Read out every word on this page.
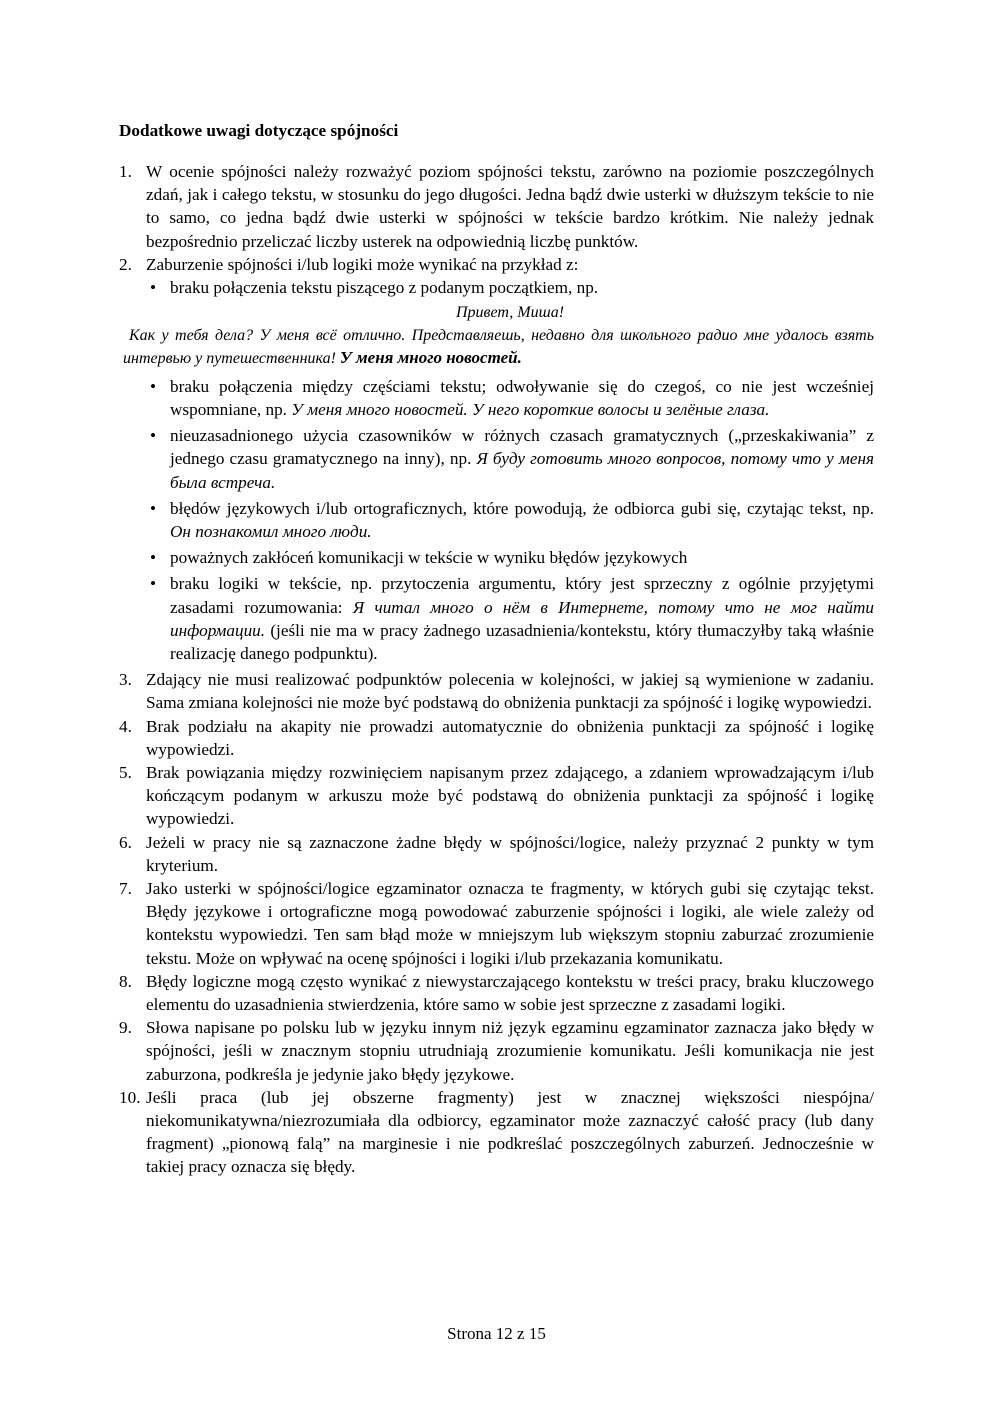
Dodatkowe uwagi dotyczące spójności
1. W ocenie spójności należy rozważyć poziom spójności tekstu, zarówno na poziomie poszczególnych zdań, jak i całego tekstu, w stosunku do jego długości. Jedna bądź dwie usterki w dłuższym tekście to nie to samo, co jedna bądź dwie usterki w spójności w tekście bardzo krótkim. Nie należy jednak bezpośrednio przeliczać liczby usterek na odpowiednią liczbę punktów.
2. Zaburzenie spójności i/lub logiki może wynikać na przykład z:
• braku połączenia tekstu piszącego z podanym początkiem, np.
Привет, Миша!
Как у тебя дела? У меня всё отлично. Представляешь, недавно для школьного радио мне удалось взять интервью у путешественника! У меня много новостей.
• braku połączenia między częściami tekstu; odwoływanie się do czegoś, co nie jest wcześniej wspomniane, np. У меня много новостей. У него короткие волосы и зелёные глаза.
• nieuzasadnionego użycia czasowników w różnych czasach gramatycznych („przeskakiwania” z jednego czasu gramatycznego na inny), np. Я буду готовить много вопросов, потому что у меня была встреча.
• błędów językowych i/lub ortograficznych, które powodują, że odbiorca gubi się, czytając tekst, np. Он познакомил много люди.
• poważnych zakłóceń komunikacji w tekście w wyniku błędów językowych
• braku logiki w tekście, np. przytoczenia argumentu, który jest sprzeczny z ogólnie przyjętymi zasadami rozumowania: Я читал много о нём в Интернете, потому что не мог найти информации. (jeśli nie ma w pracy żadnego uzasadnienia/kontekstu, który tłumaczyłby taką właśnie realizację danego podpunktu).
3. Zdający nie musi realizować podpunktów polecenia w kolejności, w jakiej są wymienione w zadaniu. Sama zmiana kolejności nie może być podstawą do obniżenia punktacji za spójność i logikę wypowiedzi.
4. Brak podziału na akapity nie prowadzi automatycznie do obniżenia punktacji za spójność i logikę wypowiedzi.
5. Brak powiązania między rozwinięciem napisanym przez zdającego, a zdaniem wprowadzającym i/lub kończącym podanym w arkuszu może być podstawą do obniżenia punktacji za spójność i logikę wypowiedzi.
6. Jeżeli w pracy nie są zaznaczone żadne błędy w spójności/logice, należy przyznać 2 punkty w tym kryterium.
7. Jako usterki w spójności/logice egzaminator oznacza te fragmenty, w których gubi się czytając tekst. Błędy językowe i ortograficzne mogą powodować zaburzenie spójności i logiki, ale wiele zależy od kontekstu wypowiedzi. Ten sam błąd może w mniejszym lub większym stopniu zaburzać zrozumienie tekstu. Może on wpływać na ocenę spójności i logiki i/lub przekazania komunikatu.
8. Błędy logiczne mogą często wynikać z niewystarczającego kontekstu w treści pracy, braku kluczowego elementu do uzasadnienia stwierdzenia, które samo w sobie jest sprzeczne z zasadami logiki.
9. Słowa napisane po polsku lub w języku innym niż język egzaminu egzaminator zaznacza jako błędy w spójności, jeśli w znacznym stopniu utrudniają zrozumienie komunikatu. Jeśli komunikacja nie jest zaburzona, podkreśla je jedynie jako błędy językowe.
10. Jeśli praca (lub jej obszerne fragmenty) jest w znacznej większości niespójna/ niekomunikatywna/niezrozumiała dla odbiorcy, egzaminator może zaznaczyć całość pracy (lub dany fragment) „pionową falą” na marginesie i nie podkreślać poszczególnych zaburzeń. Jednocześnie w takiej pracy oznacza się błędy.
Strona 12 z 15
